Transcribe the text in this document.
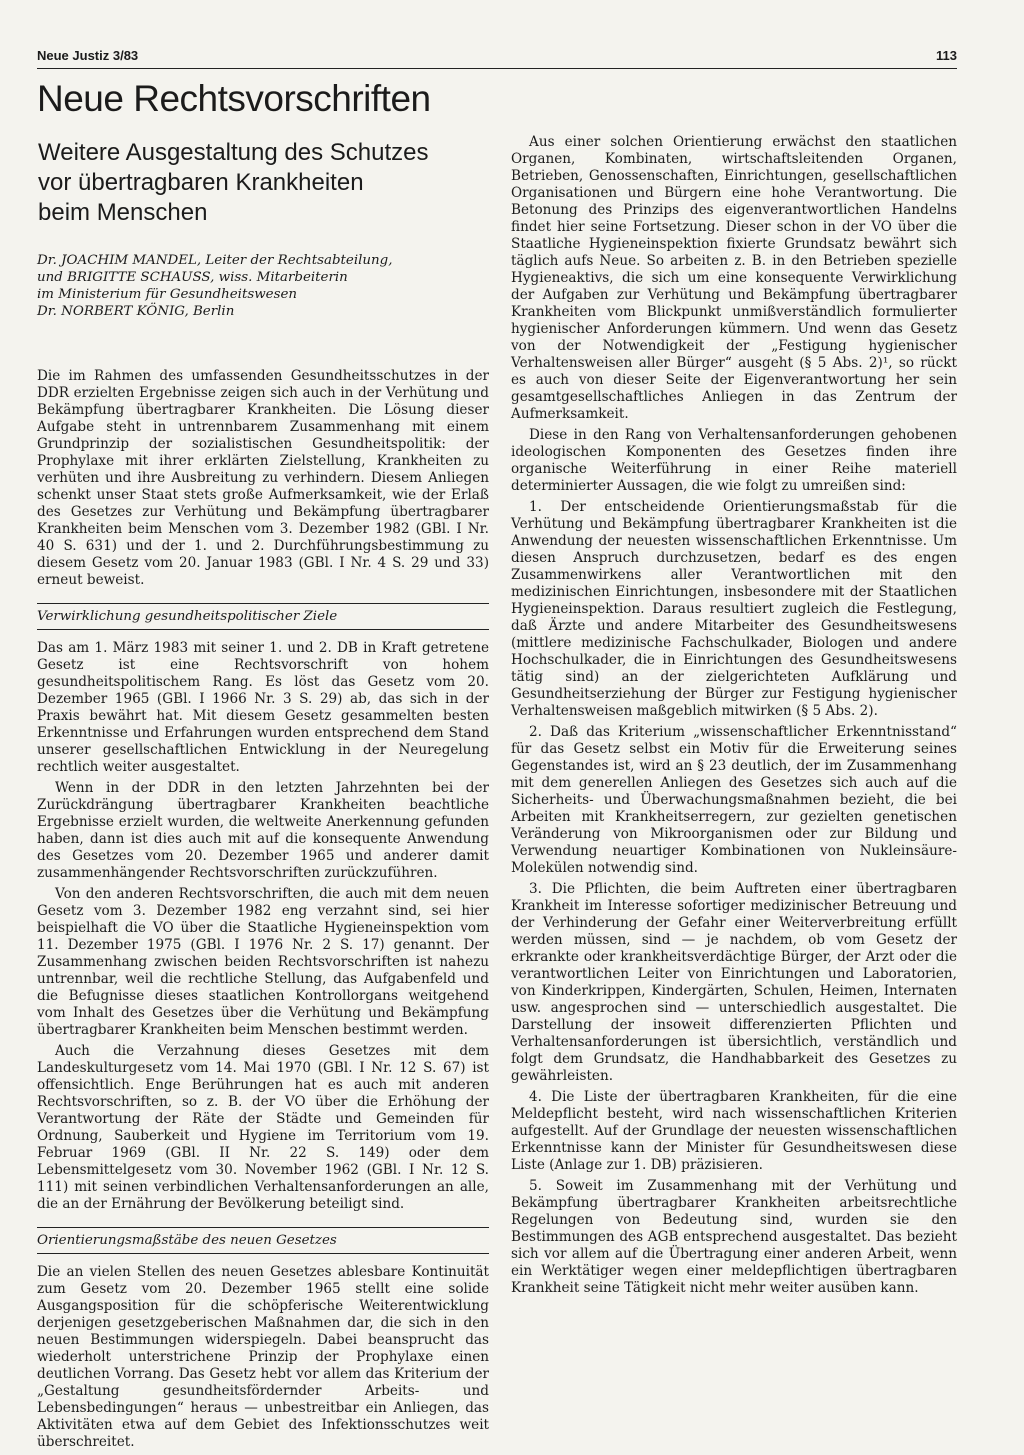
Neue Justiz 3/83	113
Neue Rechtsvorschriften
Weitere Ausgestaltung des Schutzes
vor übertragbaren Krankheiten
beim Menschen
Dr. JOACHIM MANDEL, Leiter der Rechtsabteilung,
und BRIGITTE SCHAUSS, wiss. Mitarbeiterin
im Ministerium für Gesundheitswesen
Dr. NORBERT KÖNIG, Berlin

Die im Rahmen des umfassenden Gesundheitsschutzes in der DDR erzielten Ergebnisse zeigen sich auch in der Verhütung und Bekämpfung übertragbarer Krankheiten. Die Lösung dieser Aufgabe steht in untrennbarem Zusammenhang mit einem Grundprinzip der sozialistischen Gesundheitspolitik: der Prophylaxe mit ihrer erklärten Zielstellung, Krankheiten zu verhüten und ihre Ausbreitung zu verhindern. Diesem Anliegen schenkt unser Staat stets große Aufmerksamkeit, wie der Erlaß des Gesetzes zur Verhütung und Bekämpfung übertragbarer Krankheiten beim Menschen vom 3. Dezember 1982 (GBl. I Nr. 40 S. 631) und der 1. und 2. Durchführungsbestimmung zu diesem Gesetz vom 20. Januar 1983 (GBl. I Nr. 4 S. 29 und 33) erneut beweist.

Verwirklichung gesundheitspolitischer Ziele

Das am 1. März 1983 mit seiner 1. und 2. DB in Kraft getretene Gesetz ist eine Rechtsvorschrift von hohem gesundheitspolitischem Rang. Es löst das Gesetz vom 20. Dezember 1965 (GBl. I 1966 Nr. 3 S. 29) ab, das sich in der Praxis bewährt hat. Mit diesem Gesetz gesammelten besten Erkenntnisse und Erfahrungen wurden entsprechend dem Stand unserer gesellschaftlichen Entwicklung in der Neuregelung rechtlich weiter ausgestaltet.

Wenn in der DDR in den letzten Jahrzehnten bei der Zurückdrängung übertragbarer Krankheiten beachtliche Ergebnisse erzielt wurden, die weltweite Anerkennung gefunden haben, dann ist dies auch mit auf die konsequente Anwendung des Gesetzes vom 20. Dezember 1965 und anderer damit zusammenhängender Rechtsvorschriften zurückzuführen.

Von den anderen Rechtsvorschriften, die auch mit dem neuen Gesetz vom 3. Dezember 1982 eng verzahnt sind, sei hier beispielhaft die VO über die Staatliche Hygieneinspektion vom 11. Dezember 1975 (GBl. I 1976 Nr. 2 S. 17) genannt. Der Zusammenhang zwischen beiden Rechtsvorschriften ist nahezu untrennbar, weil die rechtliche Stellung, das Aufgabenfeld und die Befugnisse dieses staatlichen Kontrollorgans weitgehend vom Inhalt des Gesetzes über die Verhütung und Bekämpfung übertragbarer Krankheiten beim Menschen bestimmt werden.

Auch die Verzahnung dieses Gesetzes mit dem Landeskulturgesetz vom 14. Mai 1970 (GBl. I Nr. 12 S. 67) ist offensichtlich. Enge Berührungen hat es auch mit anderen Rechtsvorschriften, so z. B. der VO über die Erhöhung der Verantwortung der Räte der Städte und Gemeinden für Ordnung, Sauberkeit und Hygiene im Territorium vom 19. Februar 1969 (GBl. II Nr. 22 S. 149) oder dem Lebensmittelgesetz vom 30. November 1962 (GBl. I Nr. 12 S. 111) mit seinen verbindlichen Verhaltensanforderungen an alle, die an der Ernährung der Bevölkerung beteiligt sind.

Orientierungsmaßstäbe des neuen Gesetzes

Die an vielen Stellen des neuen Gesetzes ablesbare Kontinuität zum Gesetz vom 20. Dezember 1965 stellt eine solide Ausgangsposition für die schöpferische Weiterentwicklung derjenigen gesetzgeberischen Maßnahmen dar, die sich in den neuen Bestimmungen widerspiegeln. Dabei beansprucht das wiederholt unterstrichene Prinzip der Prophylaxe einen deutlichen Vorrang. Das Gesetz hebt vor allem das Kriterium der „Gestaltung gesundheitsfördernder Arbeits- und Lebensbedingungen“ heraus — unbestreitbar ein Anliegen, das Aktivitäten etwa auf dem Gebiet des Infektionsschutzes weit überschreitet.

Aus einer solchen Orientierung erwächst den staatlichen Organen, Kombinaten, wirtschaftsleitenden Organen, Betrieben, Genossenschaften, Einrichtungen, gesellschaftlichen Organisationen und Bürgern eine hohe Verantwortung. Die Betonung des Prinzips des eigenverantwortlichen Handelns findet hier seine Fortsetzung. Dieser schon in der VO über die Staatliche Hygieneinspektion fixierte Grundsatz bewährt sich täglich aufs Neue. So arbeiten z. B. in den Betrieben spezielle Hygieneaktivs, die sich um eine konsequente Verwirklichung der Aufgaben zur Verhütung und Bekämpfung übertragbarer Krankheiten vom Blickpunkt unmißverständlich formulierter hygienischer Anforderungen kümmern. Und wenn das Gesetz von der Notwendigkeit der „Festigung hygienischer Verhaltensweisen aller Bürger“ ausgeht (§ 5 Abs. 2)¹, so rückt es auch von dieser Seite der Eigenverantwortung her sein gesamtgesellschaftliches Anliegen in das Zentrum der Aufmerksamkeit.

Diese in den Rang von Verhaltensanforderungen gehobenen ideologischen Komponenten des Gesetzes finden ihre organische Weiterführung in einer Reihe materiell determinierter Aussagen, die wie folgt zu umreißen sind:

1. Der entscheidende Orientierungsmaßstab für die Verhütung und Bekämpfung übertragbarer Krankheiten ist die Anwendung der neuesten wissenschaftlichen Erkenntnisse. Um diesen Anspruch durchzusetzen, bedarf es des engen Zusammenwirkens aller Verantwortlichen mit den medizinischen Einrichtungen, insbesondere mit der Staatlichen Hygieneinspektion. Daraus resultiert zugleich die Festlegung, daß Ärzte und andere Mitarbeiter des Gesundheitswesens (mittlere medizinische Fachschulkader, Biologen und andere Hochschulkader, die in Einrichtungen des Gesundheitswesens tätig sind) an der zielgerichteten Aufklärung und Gesundheitserziehung der Bürger zur Festigung hygienischer Verhaltensweisen maßgeblich mitwirken (§ 5 Abs. 2).

2. Daß das Kriterium „wissenschaftlicher Erkenntnisstand“ für das Gesetz selbst ein Motiv für die Erweiterung seines Gegenstandes ist, wird an § 23 deutlich, der im Zusammenhang mit dem generellen Anliegen des Gesetzes sich auch auf die Sicherheits- und Überwachungsmaßnahmen bezieht, die bei Arbeiten mit Krankheitserregern, zur gezielten genetischen Veränderung von Mikroorganismen oder zur Bildung und Verwendung neuartiger Kombinationen von Nukleinsäure-Molekülen notwendig sind.

3. Die Pflichten, die beim Auftreten einer übertragbaren Krankheit im Interesse sofortiger medizinischer Betreuung und der Verhinderung der Gefahr einer Weiterverbreitung erfüllt werden müssen, sind — je nachdem, ob vom Gesetz der erkrankte oder krankheitsverdächtige Bürger, der Arzt oder die verantwortlichen Leiter von Einrichtungen und Laboratorien, von Kinderkrippen, Kindergärten, Schulen, Heimen, Internaten usw. angesprochen sind — unterschiedlich ausgestaltet. Die Darstellung der insoweit differenzierten Pflichten und Verhaltensanforderungen ist übersichtlich, verständlich und folgt dem Grundsatz, die Handhabbarkeit des Gesetzes zu gewährleisten.

4. Die Liste der übertragbaren Krankheiten, für die eine Meldepflicht besteht, wird nach wissenschaftlichen Kriterien aufgestellt. Auf der Grundlage der neuesten wissenschaftlichen Erkenntnisse kann der Minister für Gesundheitswesen diese Liste (Anlage zur 1. DB) präzisieren.

5. Soweit im Zusammenhang mit der Verhütung und Bekämpfung übertragbarer Krankheiten arbeitsrechtliche Regelungen von Bedeutung sind, wurden sie den Bestimmungen des AGB entsprechend ausgestaltet. Das bezieht sich vor allem auf die Übertragung einer anderen Arbeit, wenn ein Werktätiger wegen einer meldepflichtigen übertragbaren Krankheit seine Tätigkeit nicht mehr weiter ausüben kann.
